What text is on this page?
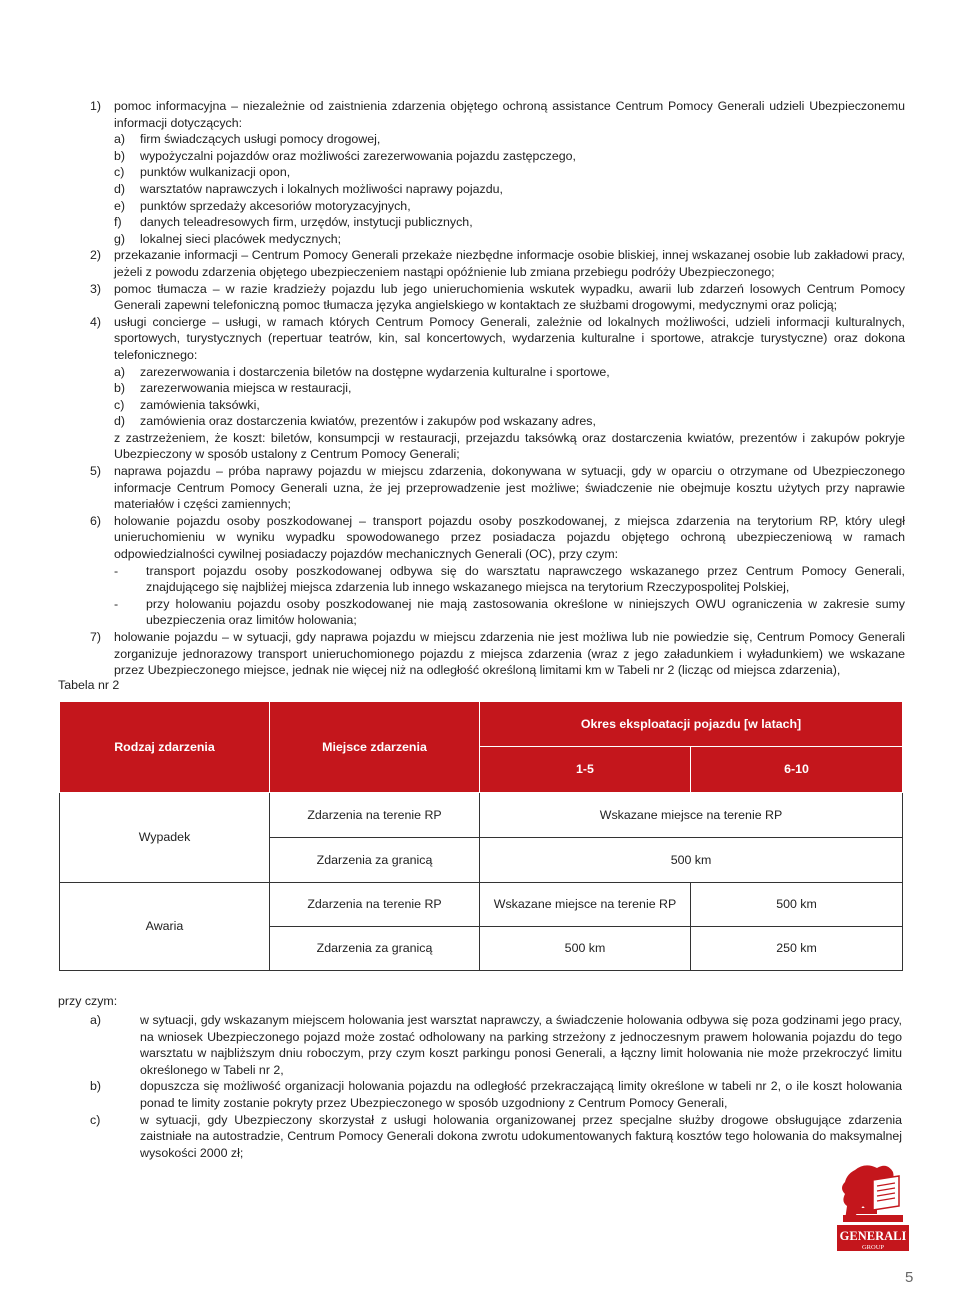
1)	pomoc informacyjna – niezależnie od zaistnienia zdarzenia objętego ochroną assistance Centrum Pomocy Generali udzieli Ubezpieczonemu informacji dotyczących:
a)	firm świadczących usługi pomocy drogowej,
b)	wypożyczalni pojazdów oraz możliwości zarezerwowania pojazdu zastępczego,
c)	punktów wulkanizacji opon,
d)	warsztatów naprawczych i lokalnych możliwości naprawy pojazdu,
e)	punktów sprzedaży akcesoriów motoryzacyjnych,
f)	danych teleadresowych firm, urzędów, instytucji publicznych,
g)	lokalnej sieci placówek medycznych;
2)	przekazanie informacji – Centrum Pomocy Generali przekaże niezbędne informacje osobie bliskiej, innej wskazanej osobie lub zakładowi pracy, jeżeli z powodu zdarzenia objętego ubezpieczeniem nastąpi opóźnienie lub zmiana przebiegu podróży Ubezpieczonego;
3)	pomoc tłumacza – w razie kradzieży pojazdu lub jego unieruchomienia wskutek wypadku, awarii lub zdarzeń losowych Centrum Pomocy Generali zapewni telefoniczną pomoc tłumacza języka angielskiego w kontaktach ze służbami drogowymi, medycznymi oraz policją;
4)	usługi concierge – usługi, w ramach których Centrum Pomocy Generali, zależnie od lokalnych możliwości, udzieli informacji kulturalnych, sportowych, turystycznych (repertuar teatrów, kin, sal koncertowych, wydarzenia kulturalne i sportowe, atrakcje turystyczne) oraz dokona telefonicznego:
a)	zarezerwowania i dostarczenia biletów na dostępne wydarzenia kulturalne i sportowe,
b)	zarezerwowania miejsca w restauracji,
c)	zamówienia taksówki,
d)	zamówienia oraz dostarczenia kwiatów, prezentów i zakupów pod wskazany adres,
z zastrzeżeniem, że koszt: biletów, konsumpcji w restauracji, przejazdu taksówką oraz dostarczenia kwiatów, prezentów i zakupów pokryje Ubezpieczony w sposób ustalony z Centrum Pomocy Generali;
5)	naprawa pojazdu – próba naprawy pojazdu w miejscu zdarzenia, dokonywana w sytuacji, gdy w oparciu o otrzymane od Ubezpieczonego informacje Centrum Pomocy Generali uzna, że jej przeprowadzenie jest możliwe; świadczenie nie obejmuje kosztu użytych przy naprawie materiałów i części zamiennych;
6)	holowanie pojazdu osoby poszkodowanej – transport pojazdu osoby poszkodowanej, z miejsca zdarzenia na terytorium RP, który uległ unieruchomieniu w wyniku wypadku spowodowanego przez posiadacza pojazdu objętego ochroną ubezpieczeniową w ramach odpowiedzialności cywilnej posiadaczy pojazdów mechanicznych Generali (OC), przy czym:
-	transport pojazdu osoby poszkodowanej odbywa się do warsztatu naprawczego wskazanego przez Centrum Pomocy Generali, znajdującego się najbliżej miejsca zdarzenia lub innego wskazanego miejsca na terytorium Rzeczypospolitej Polskiej,
-	przy holowaniu pojazdu osoby poszkodowanej nie mają zastosowania określone w niniejszych OWU ograniczenia w zakresie sumy ubezpieczenia oraz limitów holowania;
7)	holowanie pojazdu – w sytuacji, gdy naprawa pojazdu w miejscu zdarzenia nie jest możliwa lub nie powiedzie się, Centrum Pomocy Generali zorganizuje jednorazowy transport unieruchomionego pojazdu z miejsca zdarzenia (wraz z jego załadunkiem i wyładunkiem) we wskazane przez Ubezpieczonego miejsce, jednak nie więcej niż na odległość określoną limitami km w Tabeli nr 2 (licząc od miejsca zdarzenia),
Tabela nr 2
Rodzaj zdarzenia	Miejsce zdarzenia	Okres eksploatacji pojazdu [w latach]	
		1-5	6-10
Wypadek	Zdarzenia na terenie RP	Wskazane miejsce na terenie RP	
	Zdarzenia za granicą	500 km	
Awaria	Zdarzenia na terenie RP	Wskazane miejsce na terenie RP	500 km
	Zdarzenia za granicą	500 km	250 km
przy czym:
a)	w sytuacji, gdy wskazanym miejscem holowania jest warsztat naprawczy, a świadczenie holowania odbywa się poza godzinami jego pracy, na wniosek Ubezpieczonego pojazd może zostać odholowany na parking strzeżony z jednoczesnym prawem holowania pojazdu do tego warsztatu w najbliższym dniu roboczym, przy czym koszt parkingu ponosi Generali, a łączny limit holowania nie może przekroczyć limitu określonego w Tabeli nr 2,
b)	dopuszcza się możliwość organizacji holowania pojazdu na odległość przekraczającą limity określone w tabeli nr 2, o ile koszt holowania ponad te limity zostanie pokryty przez Ubezpieczonego w sposób uzgodniony z Centrum Pomocy Generali,
c)	w sytuacji, gdy Ubezpieczony skorzystał z usługi holowania organizowanej przez specjalne służby drogowe obsługujące zdarzenia zaistniałe na autostradzie, Centrum Pomocy Generali dokona zwrotu udokumentowanych fakturą kosztów tego holowania do maksymalnej wysokości 2000 zł;
GENERALI
GROUP
5
